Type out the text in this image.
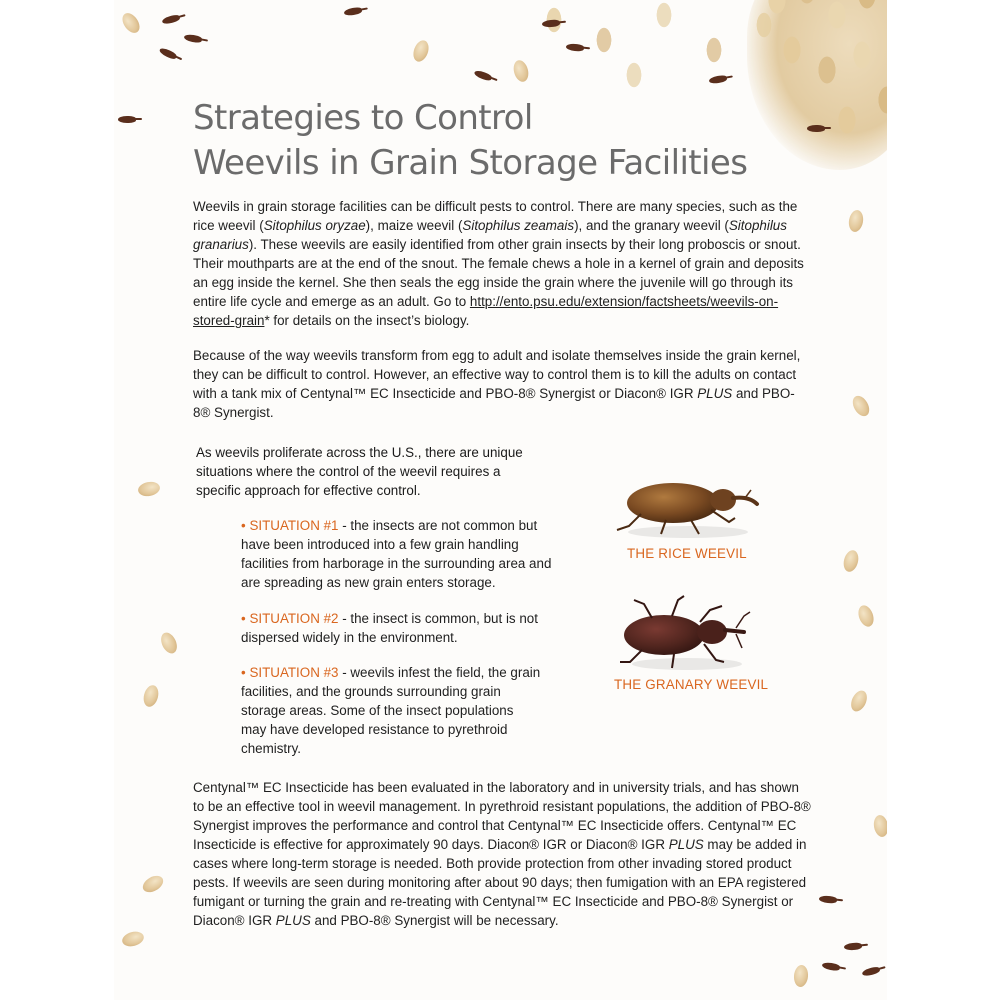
Strategies to Control
Weevils in Grain Storage Facilities

Weevils in grain storage facilities can be difficult pests to control. There are many species, such as the rice weevil (Sitophilus oryzae), maize weevil (Sitophilus zeamais), and the granary weevil (Sitophilus granarius). These weevils are easily identified from other grain insects by their long proboscis or snout. Their mouthparts are at the end of the snout. The female chews a hole in a kernel of grain and deposits an egg inside the kernel. She then seals the egg inside the grain where the juvenile will go through its entire life cycle and emerge as an adult. Go to http://ento.psu.edu/extension/factsheets/weevils-on-stored-grain* for details on the insect’s biology.

Because of the way weevils transform from egg to adult and isolate themselves inside the grain kernel, they can be difficult to control. However, an effective way to control them is to kill the adults on contact with a tank mix of Centynal™ EC Insecticide and PBO-8® Synergist or Diacon® IGR PLUS and PBO-8® Synergist.

As weevils proliferate across the U.S., there are unique situations where the control of the weevil requires a specific approach for effective control.

• SITUATION #1 - the insects are not common but have been introduced into a few grain handling facilities from harborage in the surrounding area and are spreading as new grain enters storage.

• SITUATION #2 - the insect is common, but is not dispersed widely in the environment.

• SITUATION #3 - weevils infest the field, the grain facilities, and the grounds surrounding grain storage areas. Some of the insect populations may have developed resistance to pyrethroid chemistry.

THE RICE WEEVIL

THE GRANARY WEEVIL

Centynal™ EC Insecticide has been evaluated in the laboratory and in university trials, and has shown to be an effective tool in weevil management. In pyrethroid resistant populations, the addition of PBO-8® Synergist improves the performance and control that Centynal™ EC Insecticide offers. Centynal™ EC Insecticide is effective for approximately 90 days. Diacon® IGR or Diacon® IGR PLUS may be added in cases where long-term storage is needed. Both provide protection from other invading stored product pests. If weevils are seen during monitoring after about 90 days; then fumigation with an EPA registered fumigant or turning the grain and re-treating with Centynal™ EC Insecticide and PBO-8® Synergist or Diacon® IGR PLUS and PBO-8® Synergist will be necessary.
